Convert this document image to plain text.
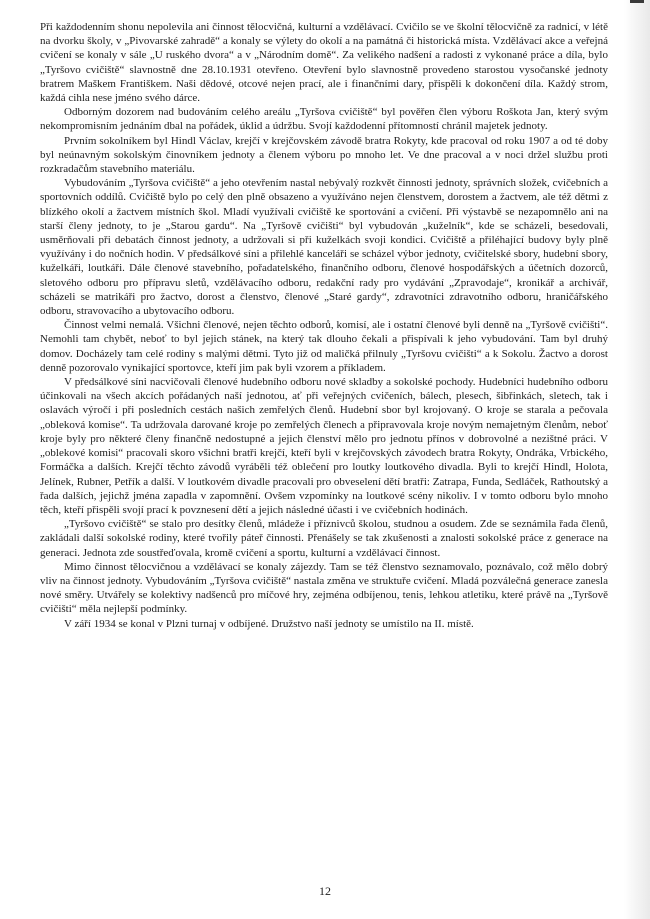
Při každodenním shonu nepolevila ani činnost tělocvičná, kulturní a vzdělávací. Cvičilo se ve školní tělocvičně za radnicí, v létě na dvorku školy, v „Pivovarské zahradě“ a konaly se výlety do okolí a na památná či historická místa. Vzdělávací akce a veřejná cvičení se konaly v sále „U ruského dvora“ a v „Národním domě“. Za velikého nadšení a radosti z vykonané práce a díla, bylo „Tyršovo cvičiště“ slavnostně dne 28.10.1931 otevřeno. Otevření bylo slavnostně provedeno starostou vysočanské jednoty bratrem Maškem Františkem. Naši dědové, otcové nejen prací, ale i finančními dary, přispěli k dokončení díla. Každý strom, každá cihla nese jméno svého dárce.

Odborným dozorem nad budováním celého areálu „Tyršova cvičiště“ byl pověřen člen výboru Roškota Jan, který svým nekompromisním jednáním dbal na pořádek, úklid a údržbu. Svojí každodenní přítomností chránil majetek jednoty.

Prvním sokolníkem byl Hindl Václav, krejčí v krejčovském závodě bratra Rokyty, kde pracoval od roku 1907 a od té doby byl neúnavným sokolským činovníkem jednoty a členem výboru po mnoho let. Ve dne pracoval a v noci držel službu proti rozkradačům stavebního materiálu.

Vybudováním „Tyršova cvičiště“ a jeho otevřením nastal nebývalý rozkvět činnosti jednoty, správních složek, cvičebních a sportovních oddílů. Cvičiště bylo po celý den plně obsazeno a využíváno nejen členstvem, dorostem a žactvem, ale též dětmi z blízkého okolí a žactvem místních škol. Mladí využívali cvičiště ke sportování a cvičení. Při výstavbě se nezapomnělo ani na starší členy jednoty, to je „Starou gardu“. Na „Tyršově cvičišti“ byl vybudován „kuželník“, kde se scházeli, besedovali, usměrňovali při debatách činnost jednoty, a udržovali si při kuželkách svoji kondici. Cvičiště a přiléhající budovy byly plně využívány i do nočních hodin. V předsálkové síni a přilehlé kanceláři se scházel výbor jednoty, cvičitelské sbory, hudební sbory, kuželkáři, loutkáři. Dále členové stavebního, pořadatelského, finančního odboru, členové hospodářských a účetních dozorců, sletového odboru pro přípravu sletů, vzdělávacího odboru, redakční rady pro vydávání „Zpravodaje“, kronikář a archivář, scházeli se matrikáři pro žactvo, dorost a členstvo, členové „Staré gardy“, zdravotníci zdravotního odboru, hraničářského odboru, stravovacího a ubytovacího odboru.

Činnost velmi nemalá. Všichni členové, nejen těchto odborů, komisí, ale i ostatní členové byli denně na „Tyršově cvičišti“. Nemohli tam chybět, neboť to byl jejich stánek, na který tak dlouho čekali a přispívali k jeho vybudování. Tam byl druhý domov. Docházely tam celé rodiny s malými dětmi. Tyto již od maličká přilnuly „Tyršovu cvičišti“ a k Sokolu. Žactvo a dorost denně pozorovalo vynikající sportovce, kteří jim pak byli vzorem a příkladem.

V předsálkové síni nacvičovali členové hudebního odboru nové skladby a sokolské pochody. Hudebníci hudebního odboru účinkovali na všech akcích pořádaných naší jednotou, ať při veřejných cvičeních, bálech, plesech, šibřinkách, sletech, tak i oslavách výročí i při posledních cestách našich zemřelých členů. Hudební sbor byl krojovaný. O kroje se starala a pečovala „obleková komise“. Ta udržovala darované kroje po zemřelých členech a připravovala kroje novým nemajetným členům, neboť kroje byly pro některé členy finančně nedostupné a jejich členství mělo pro jednotu přínos v dobrovolné a nezištné práci. V „oblekové komisi“ pracovali skoro všichni bratři krejčí, kteří byli v krejčovských závodech bratra Rokyty, Ondráka, Vrbického, Formáčka a dalších. Krejčí těchto závodů vyráběli též oblečení pro loutky loutkového divadla. Byli to krejčí Hindl, Holota, Jelínek, Rubner, Petřík a další. V loutkovém divadle pracovali pro obveselení dětí bratři: Zatrapa, Funda, Sedláček, Rathoutský a řada dalších, jejichž jména zapadla v zapomnění. Ovšem vzpomínky na loutkové scény nikoliv. I v tomto odboru bylo mnoho těch, kteří přispěli svojí prací k povznesení dětí a jejich následné účasti i ve cvičebních hodinách.

„Tyršovo cvičiště“ se stalo pro desítky členů, mládeže i příznivců školou, studnou a osudem. Zde se seznámila řada členů, zakládali další sokolské rodiny, které tvořily páteř činnosti. Přenášely se tak zkušenosti a znalosti sokolské práce z generace na generaci. Jednota zde soustřeďovala, kromě cvičení a sportu, kulturní a vzdělávací činnost.

Mimo činnost tělocvičnou a vzdělávací se konaly zájezdy. Tam se též členstvo seznamovalo, poznávalo, což mělo dobrý vliv na činnost jednoty. Vybudováním „Tyršova cvičiště“ nastala změna ve struktuře cvičení. Mladá pozválečná generace zanesla nové směry. Utvářely se kolektivy nadšenců pro míčové hry, zejména odbíjenou, tenis, lehkou atletiku, které právě na „Tyršově cvičišti“ měla nejlepší podmínky.

V září 1934 se konal v Plzni turnaj v odbíjené. Družstvo naší jednoty se umístilo na II. místě.

12
